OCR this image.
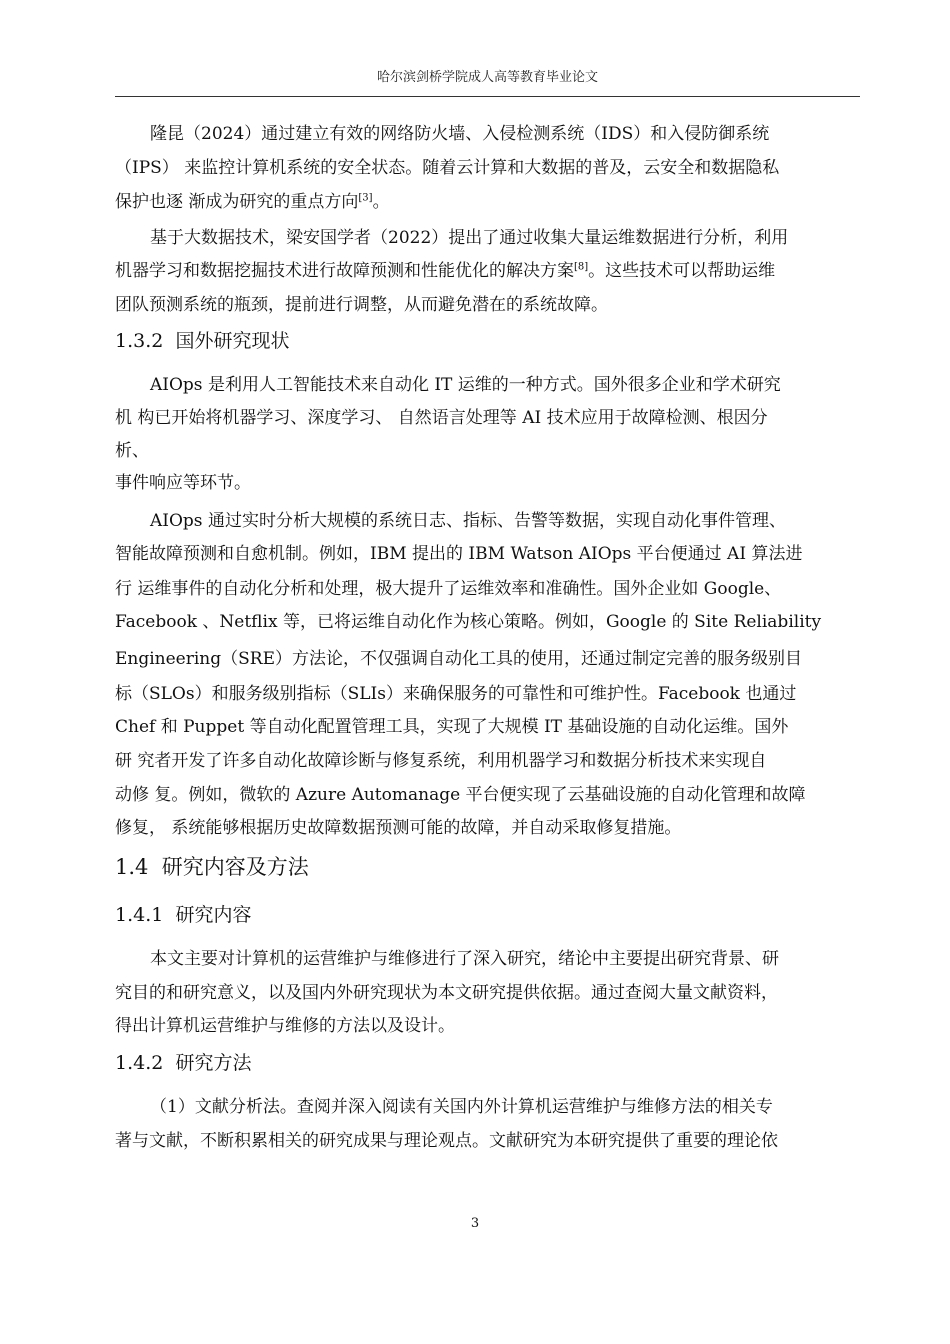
哈尔滨剑桥学院成人高等教育毕业论文
隆昆（2024）通过建立有效的网络防火墙、入侵检测系统（IDS）和入侵防御系统
（IPS） 来监控计算机系统的安全状态。随着云计算和大数据的普及，云安全和数据隐私
保护也逐 渐成为研究的重点方向[3]。
基于大数据技术，梁安国学者（2022）提出了通过收集大量运维数据进行分析，利用
机器学习和数据挖掘技术进行故障预测和性能优化的解决方案[8]。这些技术可以帮助运维
团队预测系统的瓶颈，提前进行调整，从而避免潜在的系统故障。
1.3.2 国外研究现状
AIOps 是利用人工智能技术来自动化 IT 运维的一种方式。国外很多企业和学术研究
机 构已开始将机器学习、深度学习、 自然语言处理等 AI 技术应用于故障检测、根因分
析、
事件响应等环节。
AIOps 通过实时分析大规模的系统日志、指标、告警等数据，实现自动化事件管理、
智能故障预测和自愈机制。例如，IBM 提出的 IBM Watson AIOps 平台便通过 AI 算法进
行 运维事件的自动化分析和处理，极大提升了运维效率和准确性。国外企业如 Google、
Facebook 、Netflix 等，已将运维自动化作为核心策略。例如，Google 的 Site Reliability
Engineering（SRE）方法论，不仅强调自动化工具的使用，还通过制定完善的服务级别目
标（SLOs）和服务级别指标（SLIs）来确保服务的可靠性和可维护性。Facebook 也通过
Chef 和 Puppet 等自动化配置管理工具，实现了大规模 IT 基础设施的自动化运维。国外
研 究者开发了许多自动化故障诊断与修复系统，利用机器学习和数据分析技术来实现自
动修 复。例如，微软的 Azure Automanage 平台便实现了云基础设施的自动化管理和故障
修复， 系统能够根据历史故障数据预测可能的故障，并自动采取修复措施。
1.4 研究内容及方法
1.4.1 研究内容
本文主要对计算机的运营维护与维修进行了深入研究，绪论中主要提出研究背景、研
究目的和研究意义，以及国内外研究现状为本文研究提供依据。通过查阅大量文献资料，
得出计算机运营维护与维修的方法以及设计。
1.4.2 研究方法
（1）文献分析法。查阅并深入阅读有关国内外计算机运营维护与维修方法的相关专
著与文献，不断积累相关的研究成果与理论观点。文献研究为本研究提供了重要的理论依
3
